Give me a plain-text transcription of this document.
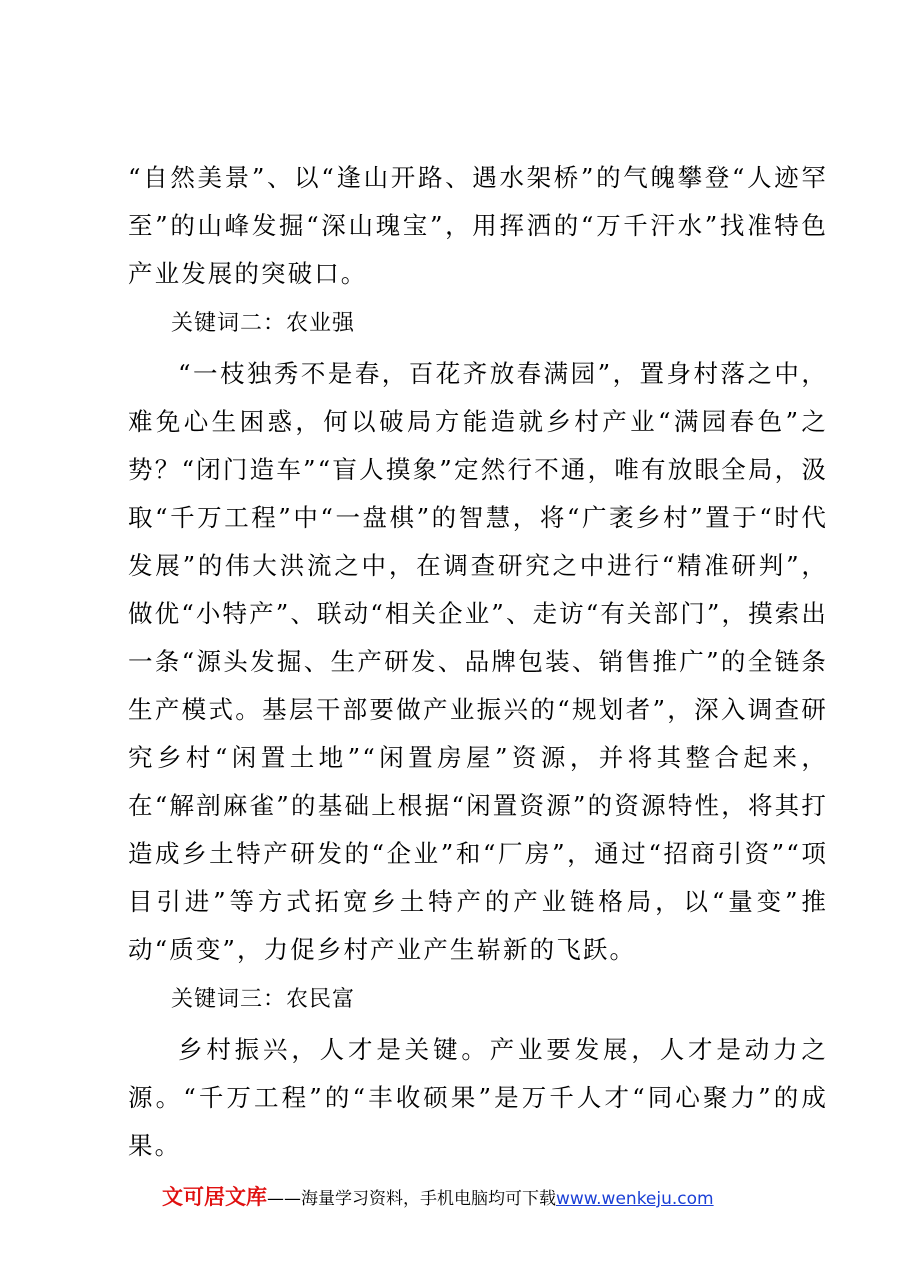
“自然美景”、以“逢山开路、遇水架桥”的气魄攀登“人迹罕至”的山峰发掘“深山瑰宝”，用挥洒的“万千汗水”找准特色产业发展的突破口。

关键词二：农业强

“一枝独秀不是春，百花齐放春满园”，置身村落之中，难免心生困惑，何以破局方能造就乡村产业“满园春色”之势？“闭门造车”“盲人摸象”定然行不通，唯有放眼全局，汲取“千万工程”中“一盘棋”的智慧，将“广袤乡村”置于“时代发展”的伟大洪流之中，在调查研究之中进行“精准研判”，做优“小特产”、联动“相关企业”、走访“有关部门”，摸索出一条“源头发掘、生产研发、品牌包装、销售推广”的全链条生产模式。基层干部要做产业振兴的“规划者”，深入调查研究乡村“闲置土地”“闲置房屋”资源，并将其整合起来，在“解剖麻雀”的基础上根据“闲置资源”的资源特性，将其打造成乡土特产研发的“企业”和“厂房”，通过“招商引资”“项目引进”等方式拓宽乡土特产的产业链格局，以“量变”推动“质变”，力促乡村产业产生崭新的飞跃。

关键词三：农民富

乡村振兴，人才是关键。产业要发展，人才是动力之源。“千万工程”的“丰收硕果”是万千人才“同心聚力”的成果。

文可居文库——海量学习资料，手机电脑均可下载www.wenkeju.com
